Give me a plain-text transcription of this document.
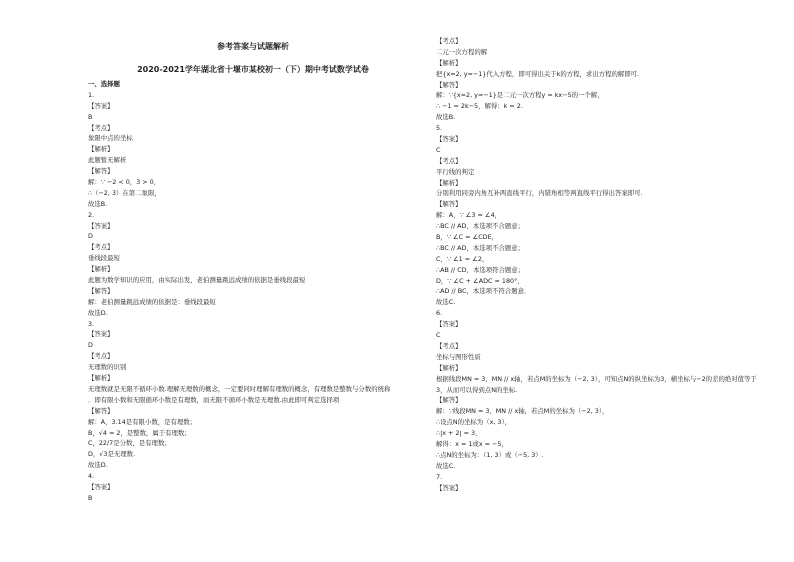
参考答案与试题解析
2020-2021学年湖北省十堰市某校初一（下）期中考试数学试卷
一、选择题
1.
【答案】
B
【考点】
象限中点的坐标
【解析】
此题暂无解析
【解答】
解：∵ −2 < 0，3 > 0，
∴（−2, 3）在第二象限，
故选B.
2.
【答案】
D
【考点】
垂线段最短
【解析】
此题为数学知识的应用，由实际出发，老伯测量跳远成绩的依据是垂线段最短
【解答】
解：老伯测量跳远成绩的依据是：垂线段最短
故选D.
3.
【答案】
D
【考点】
无理数的识别
【解析】
无理数就是无限不循环小数.理解无理数的概念，一定要同时理解有理数的概念，有理数是整数与分数的统称
．即有限小数和无限循环小数是有理数，而无限不循环小数是无理数.由此即可判定选择项
【解答】
解：A，3.14是有限小数，是有理数；
B，√4 = 2，是整数，属于有理数；
C，22/7是分数，是有理数；
D，√3是无理数.
故选D.
4.
【答案】
B
【考点】
二元一次方程的解
【解析】
把{x=2, y=−1}代入方程，即可得出关于k的方程，求出方程的解即可.
【解答】
解：∵{x=2, y=−1}是二元一次方程y = kx−5的一个解，
∴ −1 = 2k−5，解得：k = 2.
故选B.
5.
【答案】
C
【考点】
平行线的判定
【解析】
分别利用同旁内角互补两直线平行，内错角相等两直线平行得出答案即可.
【解答】
解：A，∵ ∠3 = ∠4，
∴BC // AD，本选项不合题意；
B，∵ ∠C = ∠CDE，
∴BC // AD，本选项不合题意；
C，∵ ∠1 = ∠2，
∴AB // CD，本选项符合题意；
D，∵ ∠C + ∠ADC = 180°，
∴AD // BC，本选项不符合题意.
故选C.
6.
【答案】
C
【考点】
坐标与图形性质
【解析】
根据线段MN = 3，MN // x轴，若点M的坐标为（−2, 3），可知点N的纵坐标为3，横坐标与−2的差的绝对值等于
3，从而可以得到点N的坐标.
【解答】
解：∵线段MN = 3，MN // x轴，若点M的坐标为（−2, 3），
∴设点N的坐标为（x, 3），
∴|x + 2| = 3，
解得：x = 1或x = −5，
∴点N的坐标为：（1, 3）或（−5, 3）.
故选C.
7.
【答案】
